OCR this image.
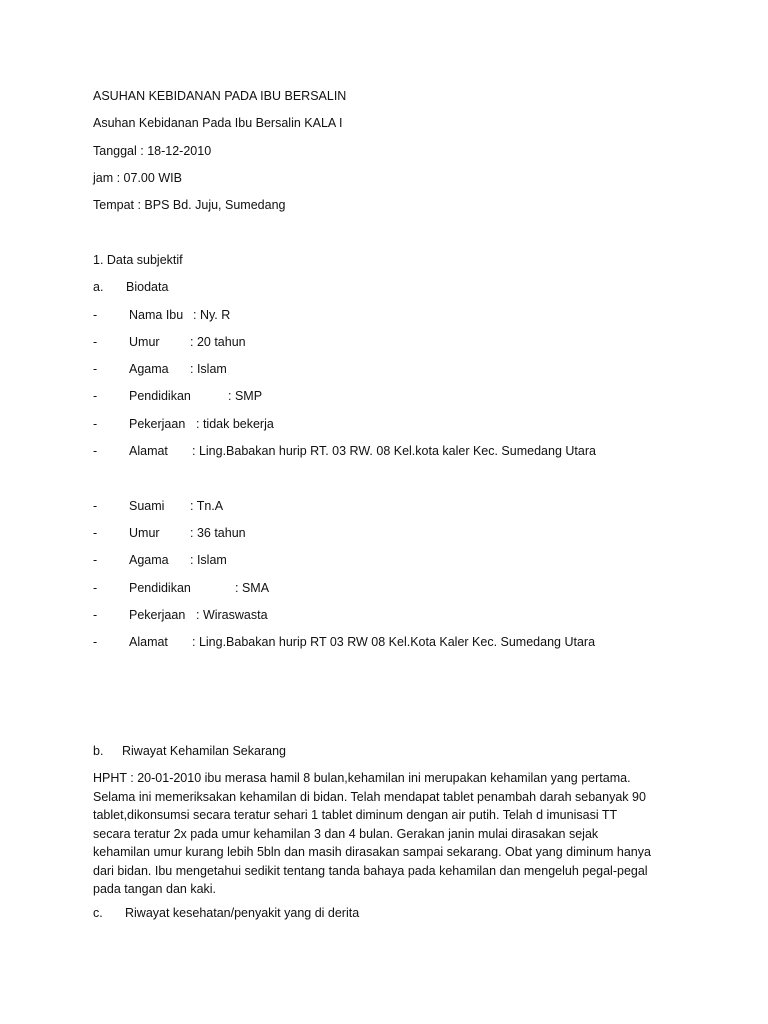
ASUHAN KEBIDANAN PADA IBU BERSALIN
Asuhan Kebidanan Pada Ibu Bersalin KALA I
Tanggal : 18-12-2010
jam : 07.00 WIB
Tempat : BPS Bd. Juju, Sumedang
1. Data subjektif
a. Biodata
-	Nama Ibu : Ny. R
-	Umur : 20 tahun
-	Agama : Islam
-	Pendidikan	: SMP
-	Pekerjaan : tidak bekerja
-	Alamat : Ling.Babakan hurip RT. 03 RW. 08 Kel.kota kaler Kec. Sumedang Utara
-	Suami : Tn.A
-	Umur : 36 tahun
-	Agama : Islam
-	Pendidikan	: SMA
-	Pekerjaan : Wiraswasta
-	Alamat : Ling.Babakan hurip RT 03 RW 08 Kel.Kota Kaler Kec. Sumedang Utara
b. Riwayat Kehamilan Sekarang
HPHT : 20-01-2010 ibu merasa hamil 8 bulan,kehamilan ini merupakan kehamilan yang pertama.
Selama ini memeriksakan kehamilan di bidan. Telah mendapat tablet penambah darah sebanyak 90
tablet,dikonsumsi secara teratur sehari 1 tablet diminum dengan air putih. Telah d imunisasi TT
secara teratur 2x pada umur kehamilan 3 dan 4 bulan. Gerakan janin mulai dirasakan sejak
kehamilan umur kurang lebih 5bln dan masih dirasakan sampai sekarang. Obat yang diminum hanya
dari bidan. Ibu mengetahui sedikit tentang tanda bahaya pada kehamilan dan mengeluh pegal-pegal
pada tangan dan kaki.
c. Riwayat kesehatan/penyakit yang di derita
